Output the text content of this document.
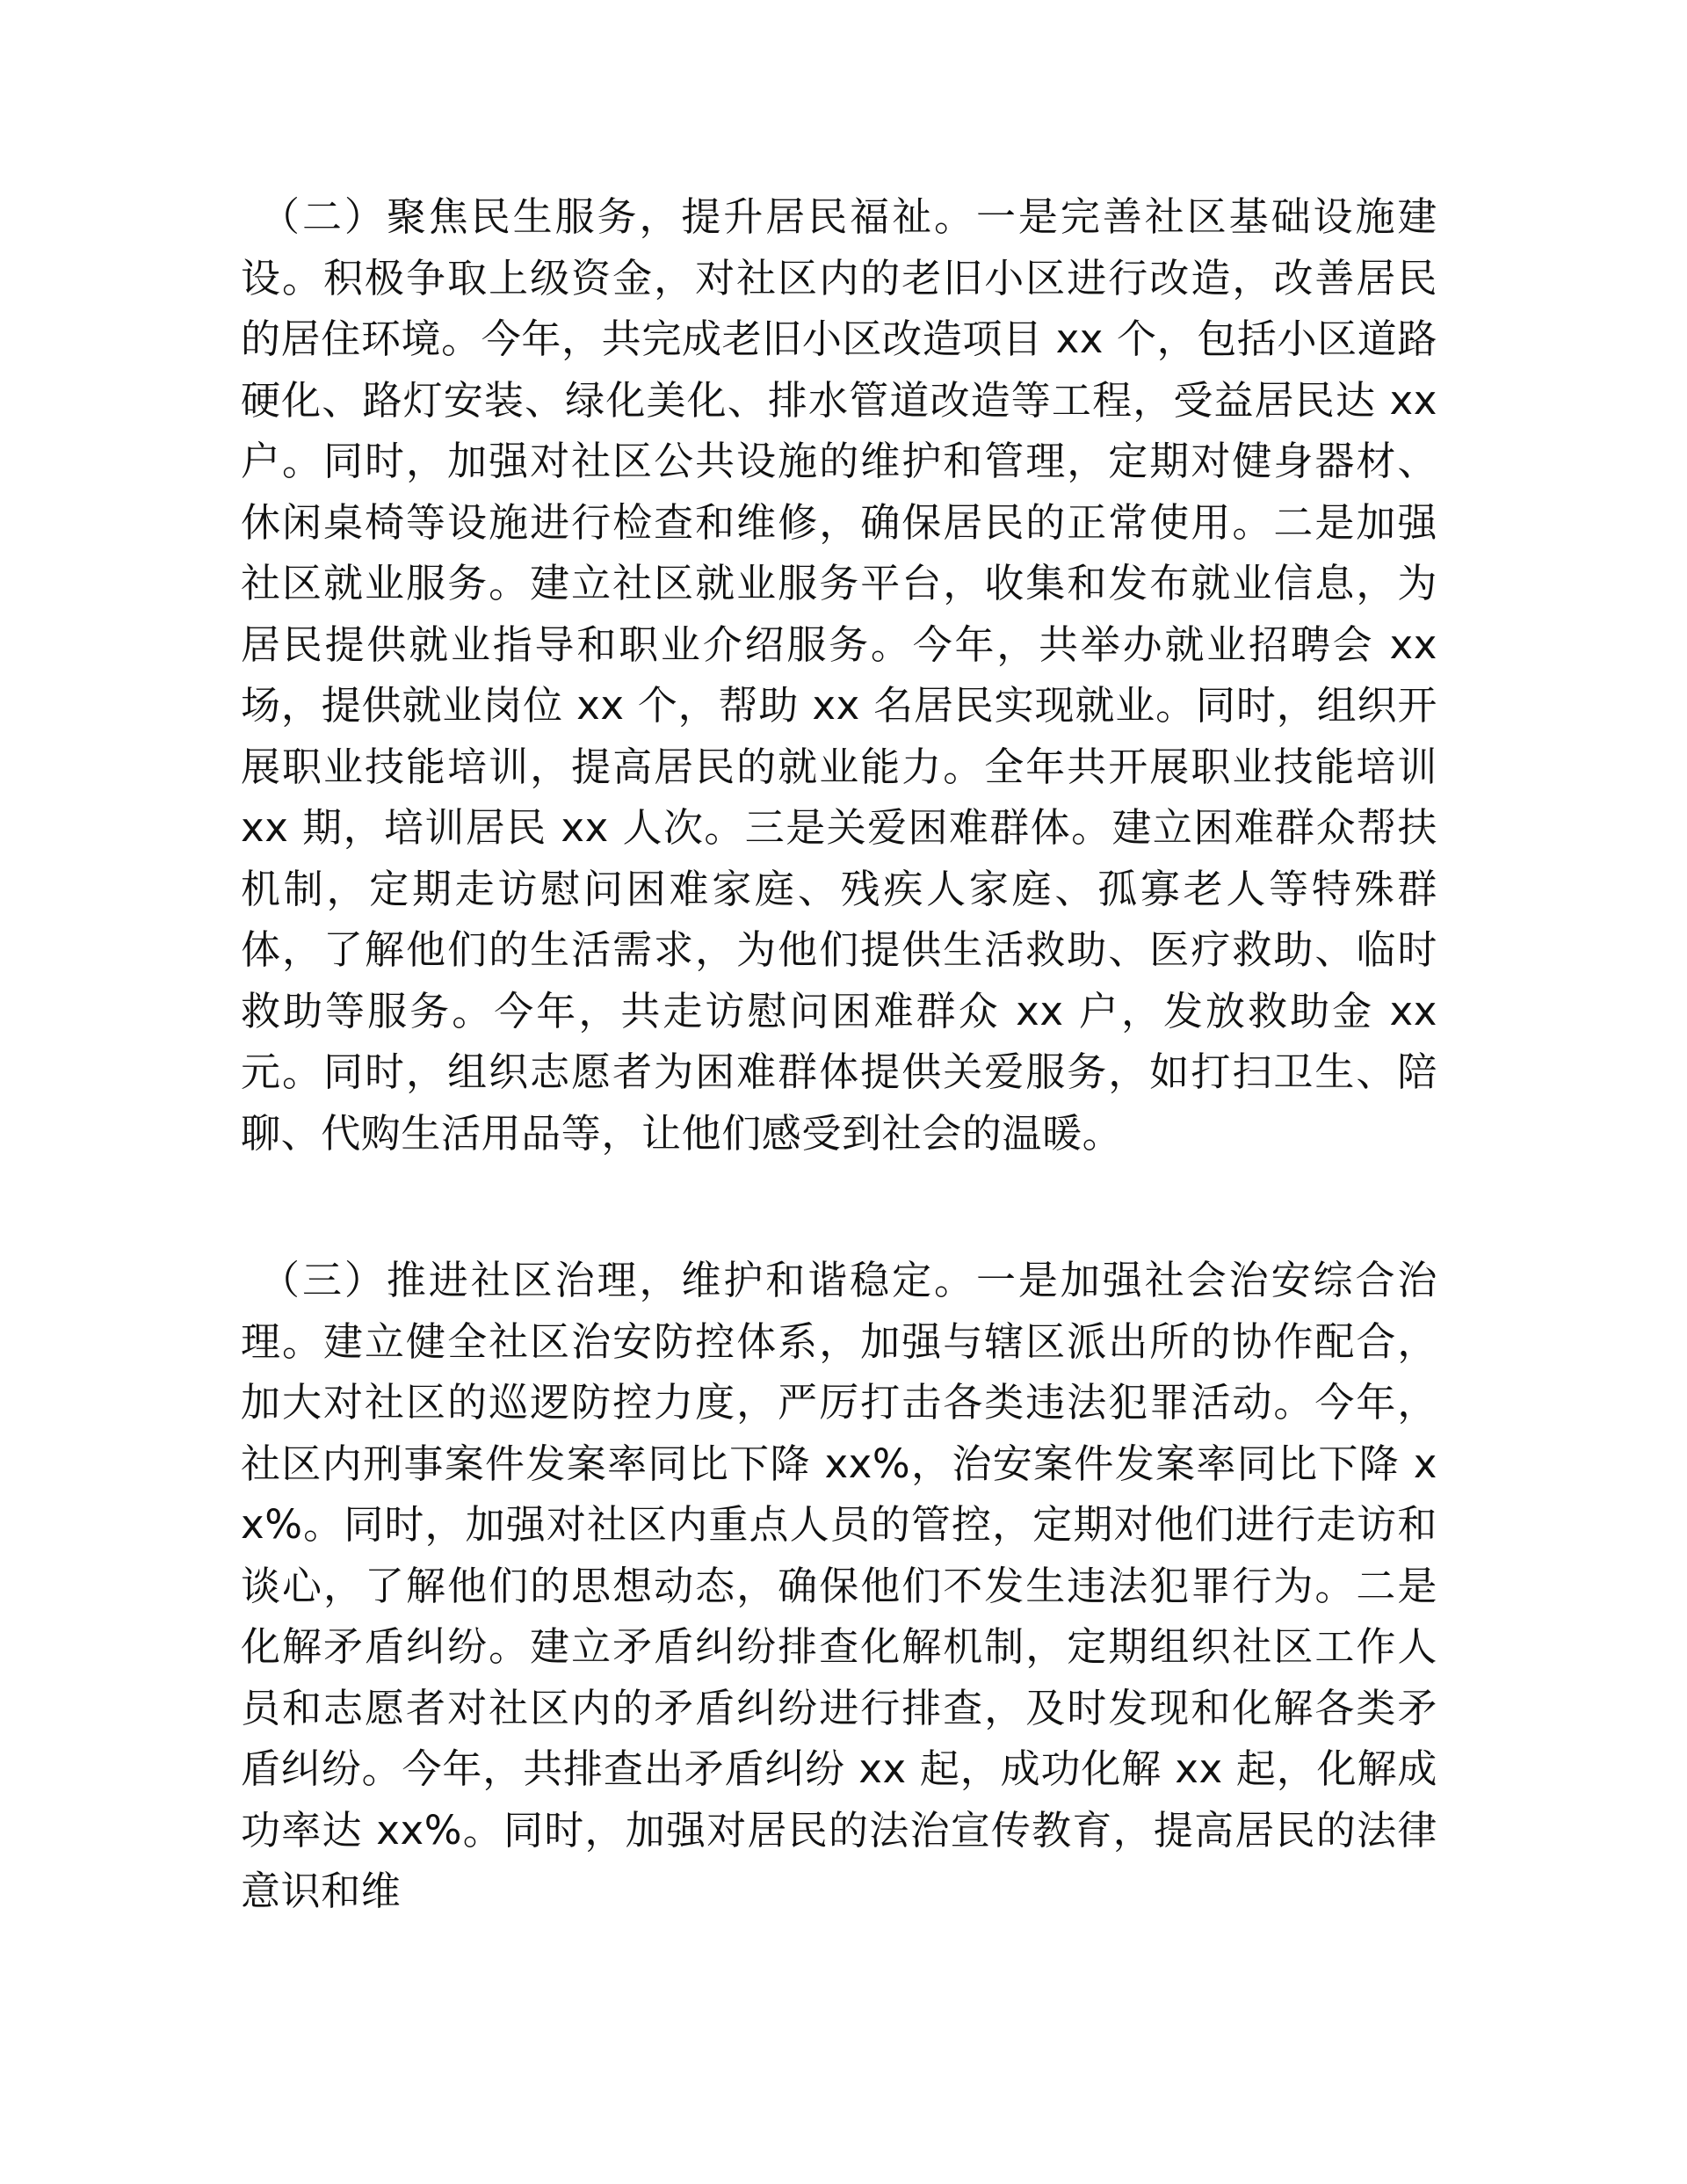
（二）聚焦民生服务，提升居民福祉。一是完善社区基础设施建设。积极争取上级资金，对社区内的老旧小区进行改造，改善居民的居住环境。今年，共完成老旧小区改造项目 xx 个，包括小区道路硬化、路灯安装、绿化美化、排水管道改造等工程，受益居民达 xx 户。同时，加强对社区公共设施的维护和管理，定期对健身器材、休闲桌椅等设施进行检查和维修，确保居民的正常使用。二是加强社区就业服务。建立社区就业服务平台，收集和发布就业信息，为居民提供就业指导和职业介绍服务。今年，共举办就业招聘会 xx 场，提供就业岗位 xx 个，帮助 xx 名居民实现就业。同时，组织开展职业技能培训，提高居民的就业能力。全年共开展职业技能培训 xx 期，培训居民 xx 人次。三是关爱困难群体。建立困难群众帮扶机制，定期走访慰问困难家庭、残疾人家庭、孤寡老人等特殊群体，了解他们的生活需求，为他们提供生活救助、医疗救助、临时救助等服务。今年，共走访慰问困难群众 xx 户，发放救助金 xx 元。同时，组织志愿者为困难群体提供关爱服务，如打扫卫生、陪聊、代购生活用品等，让他们感受到社会的温暖。

（三）推进社区治理，维护和谐稳定。一是加强社会治安综合治理。建立健全社区治安防控体系，加强与辖区派出所的协作配合，加大对社区的巡逻防控力度，严厉打击各类违法犯罪活动。今年，社区内刑事案件发案率同比下降 xx%，治安案件发案率同比下降 xx%。同时，加强对社区内重点人员的管控，定期对他们进行走访和谈心，了解他们的思想动态，确保他们不发生违法犯罪行为。二是化解矛盾纠纷。建立矛盾纠纷排查化解机制，定期组织社区工作人员和志愿者对社区内的矛盾纠纷进行排查，及时发现和化解各类矛盾纠纷。今年，共排查出矛盾纠纷 xx 起，成功化解 xx 起，化解成功率达 xx%。同时，加强对居民的法治宣传教育，提高居民的法律意识和维
